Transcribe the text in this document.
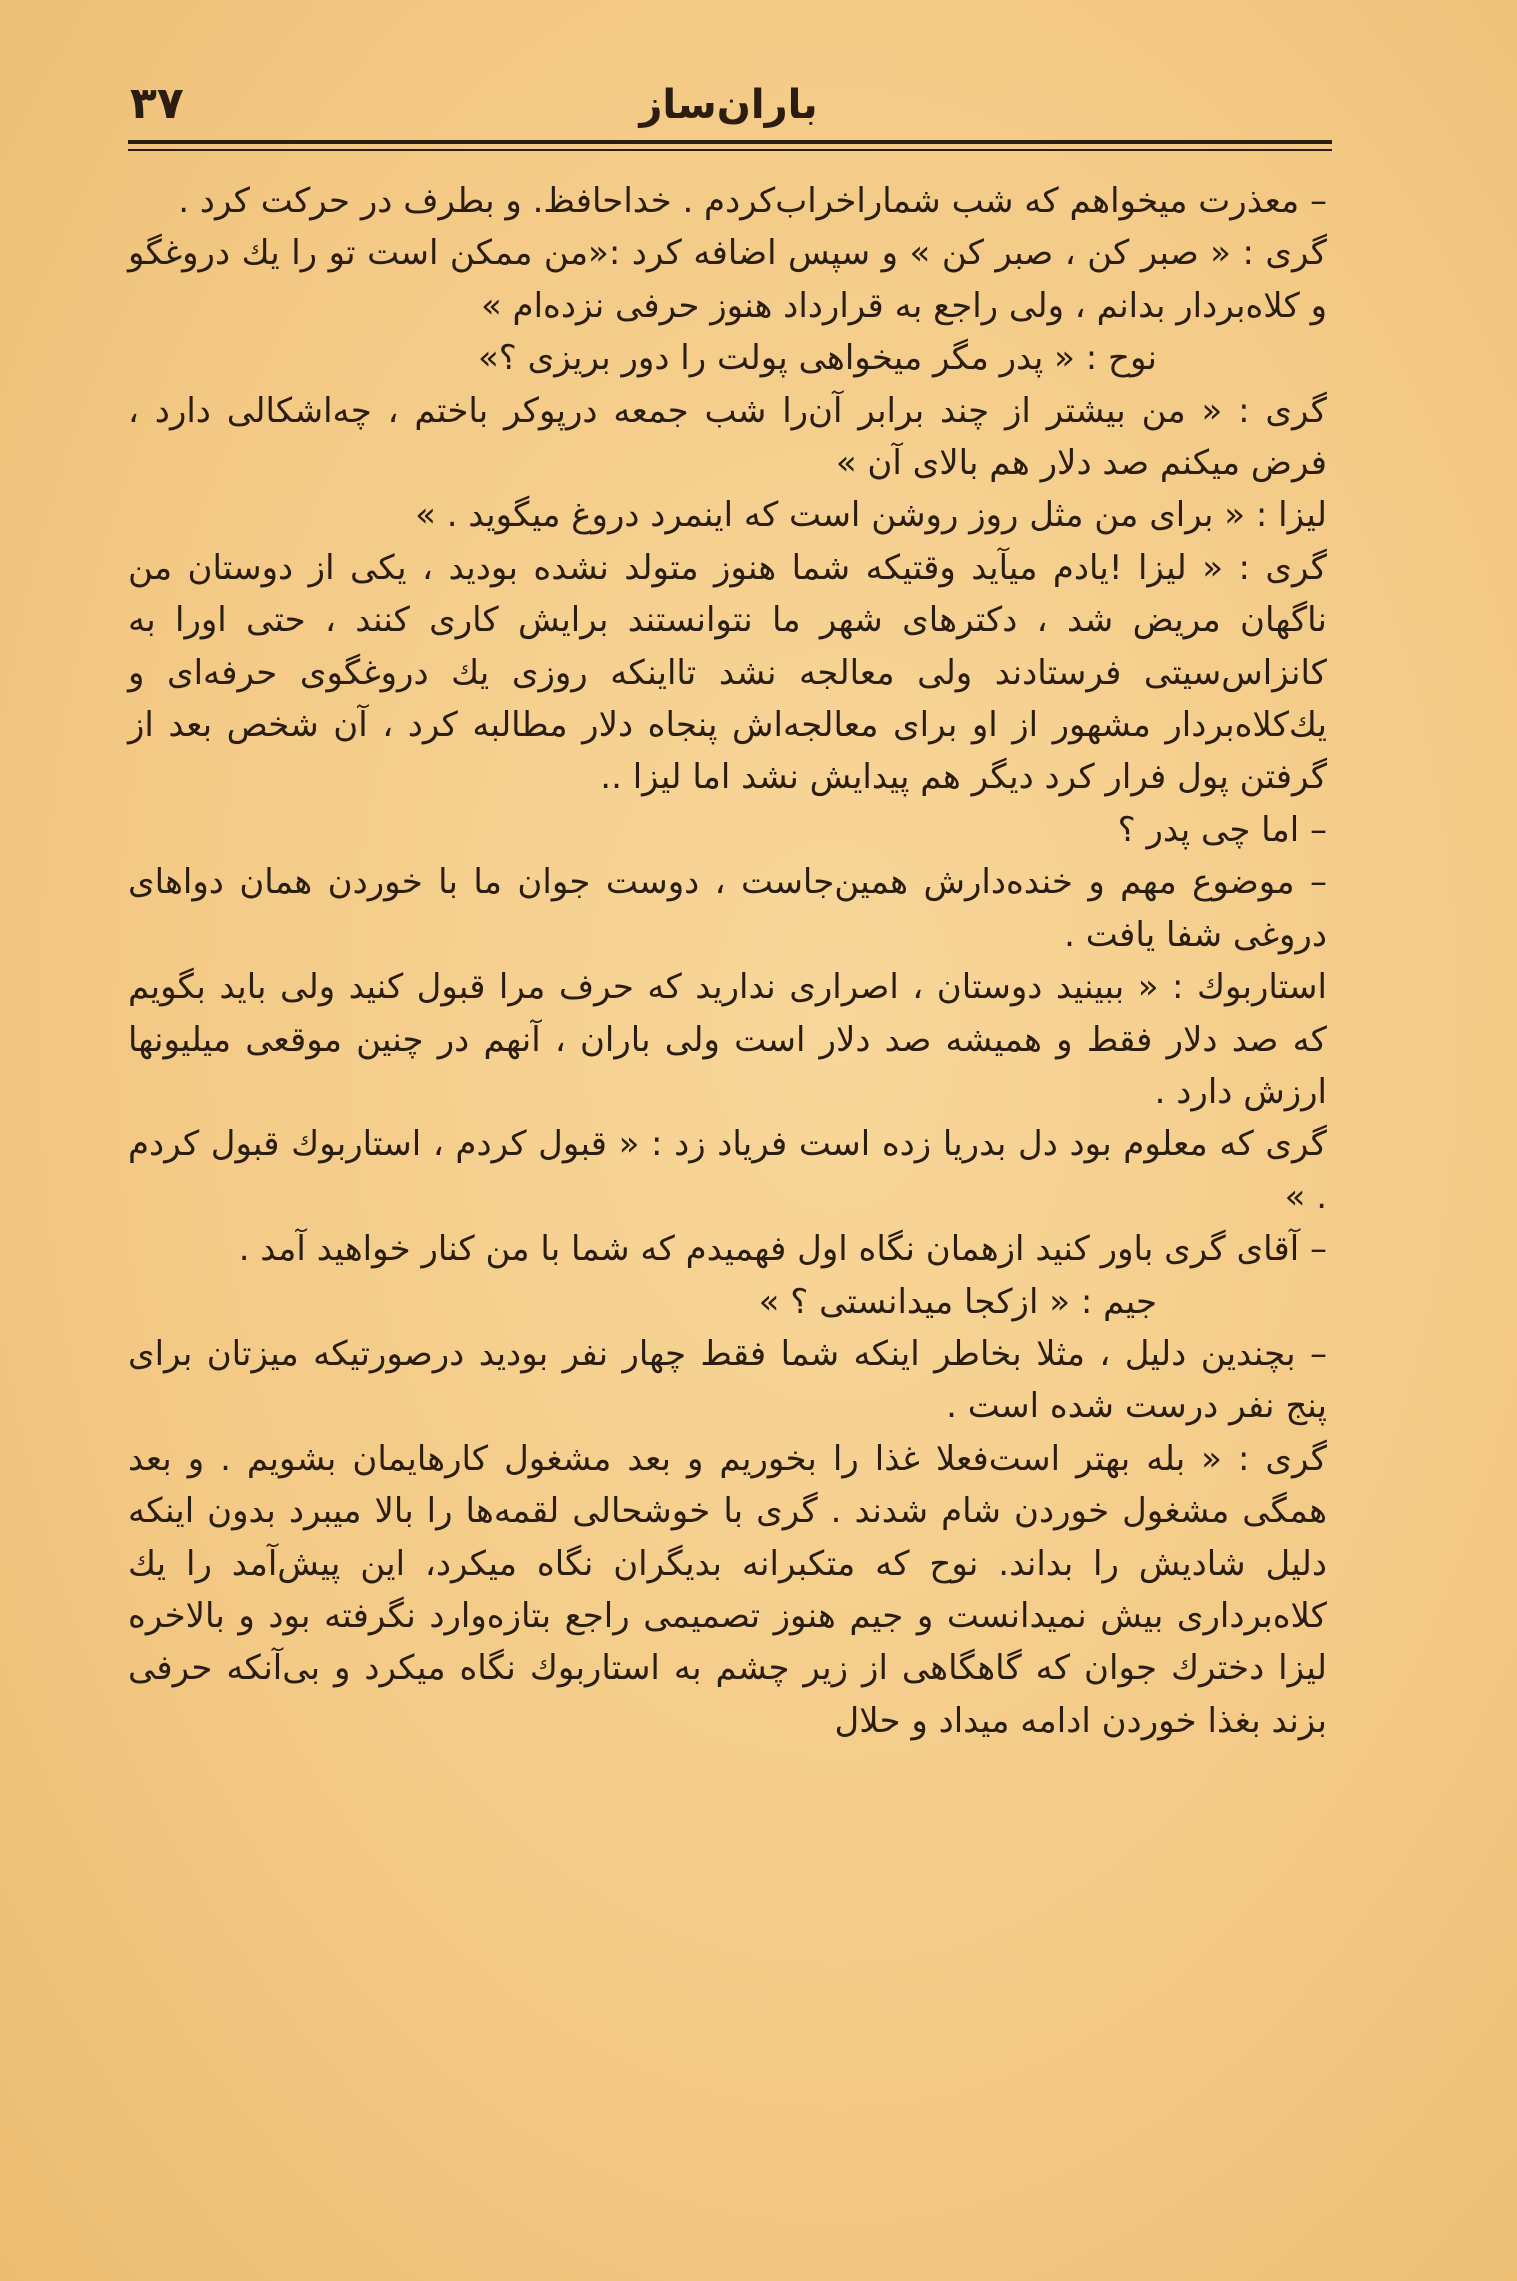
باران‌ساز
۳۷

– معذرت میخواهم که شب شمارا‌خراب‌کردم . خداحافظ. و بطرف در حرکت کرد .

گری : « صبر کن ، صبر کن » و سپس اضافه کرد :«من ممکن است تو را یك دروغگو و کلاه‌بردار بدانم ، ولی راجع به قرارداد هنوز حرفی نزده‌ام »

نوح : « پدر مگر میخواهی پولت را دور بریزی ؟»

گری : « من بیشتر از چند برابر آن‌را شب جمعه درپوکر باختم ، چه‌اشکالی دارد ، فرض میکنم صد دلار هم بالای آن »

لیزا : « برای من مثل روز روشن است که اینمرد دروغ میگوید . »

گری : « لیزا !یادم میآید وقتیکه شما هنوز متولد نشده بودید ، یکی از دوستان من ناگهان مریض شد ، دکترهای شهر ما نتوانستند برایش کاری کنند ، حتی اورا به کانزاس‌سیتی فرستادند ولی معالجه نشد تااینکه روزی یك دروغگوی حرفه‌ای و یك‌کلاه‌بردار مشهور از او برای معالجه‌اش پنجاه دلار مطالبه کرد ، آن شخص بعد از گرفتن پول فرار کرد دیگر هم پیدایش نشد اما لیزا ..

– اما چی پدر ؟

– موضوع مهم و خنده‌دارش همین‌جاست ، دوست جوان ما با خوردن همان دواهای دروغی شفا یافت .

استاربوك : « ببینید دوستان ، اصراری ندارید که حرف مرا قبول کنید ولی باید بگویم که صد دلار فقط و همیشه صد دلار است ولی باران ، آنهم در چنین موقعی میلیونها ارزش دارد .

گری که معلوم بود دل بدریا زده است فریاد زد : « قبول کردم ، استاربوك قبول کردم . »

– آقای گری باور کنید ازهمان نگاه اول فهمیدم که شما با من کنار خواهید آمد .

جیم : « ازکجا میدانستی ؟ »

– بچندین دلیل ، مثلا بخاطر اینکه شما فقط چهار نفر بودید درصورتیکه میزتان برای پنج نفر درست شده است .

گری : « بله بهتر است‌فعلا غذا را بخوریم و بعد مشغول کارهایمان بشویم . و بعد همگی مشغول خوردن شام شدند . گری با خوشحالی لقمه‌ها را بالا میبرد بدون اینکه دلیل شادیش را بداند. نوح که متکبرانه بدیگران نگاه میکرد، این پیش‌آمد را یك کلاه‌برداری بیش نمیدانست و جیم هنوز تصمیمی راجع بتازه‌وارد نگرفته بود و بالاخره لیزا دخترك جوان که گاهگاهی از زیر چشم به استاربوك نگاه میکرد و بی‌آنکه حرفی بزند بغذا خوردن ادامه میداد و حلال
